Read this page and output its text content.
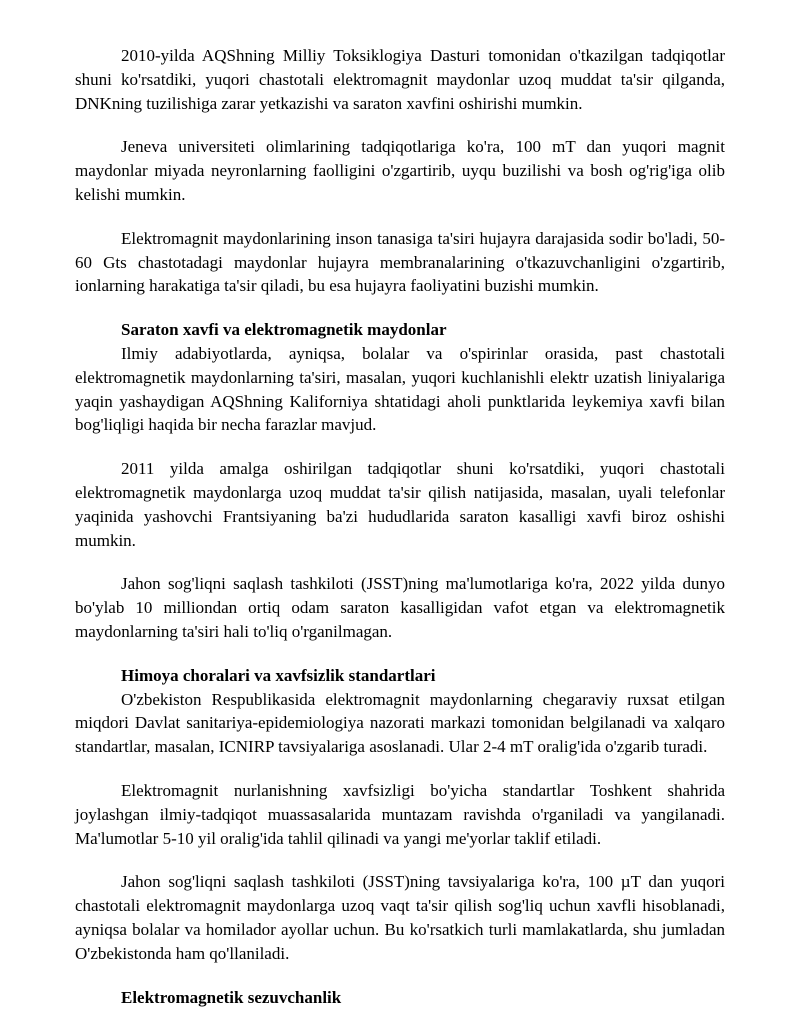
2010-yilda AQShning Milliy Toksiklogiya Dasturi tomonidan o'tkazilgan tadqiqotlar shuni ko'rsatdiki, yuqori chastotali elektromagnit maydonlar uzoq muddat ta'sir qilganda, DNKning tuzilishiga zarar yetkazishi va saraton xavfini oshirishi mumkin.

Jeneva universiteti olimlarining tadqiqotlariga ko'ra, 100 mT dan yuqori magnit maydonlar miyada neyronlarning faolligini o'zgartirib, uyqu buzilishi va bosh og'rig'iga olib kelishi mumkin.

Elektromagnit maydonlarining inson tanasiga ta'siri hujayra darajasida sodir bo'ladi, 50-60 Gts chastotadagi maydonlar hujayra membranalarining o'tkazuvchanligini o'zgartirib, ionlarning harakatiga ta'sir qiladi, bu esa hujayra faoliyatini buzishi mumkin.

Saraton xavfi va elektromagnetik maydonlar

Ilmiy adabiyotlarda, ayniqsa, bolalar va o'spirinlar orasida, past chastotali elektromagnetik maydonlarning ta'siri, masalan, yuqori kuchlanishli elektr uzatish liniyalariga yaqin yashaydigan AQShning Kaliforniya shtatidagi aholi punktlarida leykemiya xavfi bilan bog'liqligi haqida bir necha farazlar mavjud.

2011 yilda amalga oshirilgan tadqiqotlar shuni ko'rsatdiki, yuqori chastotali elektromagnetik maydonlarga uzoq muddat ta'sir qilish natijasida, masalan, uyali telefonlar yaqinida yashovchi Frantsiyaning ba'zi hududlarida saraton kasalligi xavfi biroz oshishi mumkin.

Jahon sog'liqni saqlash tashkiloti (JSST)ning ma'lumotlariga ko'ra, 2022 yilda dunyo bo'ylab 10 milliondan ortiq odam saraton kasalligidan vafot etgan va elektromagnetik maydonlarning ta'siri hali to'liq o'rganilmagan.

Himoya choralari va xavfsizlik standartlari

O'zbekiston Respublikasida elektromagnit maydonlarning chegaraviy ruxsat etilgan miqdori Davlat sanitariya-epidemiologiya nazorati markazi tomonidan belgilanadi va xalqaro standartlar, masalan, ICNIRP tavsiyalariga asoslanadi. Ular 2-4 mT oralig'ida o'zgarib turadi.

Elektromagnit nurlanishning xavfsizligi bo'yicha standartlar Toshkent shahrida joylashgan ilmiy-tadqiqot muassasalarida muntazam ravishda o'rganiladi va yangilanadi. Ma'lumotlar 5-10 yil oralig'ida tahlil qilinadi va yangi me'yorlar taklif etiladi.

Jahon sog'liqni saqlash tashkiloti (JSST)ning tavsiyalariga ko'ra, 100 µT dan yuqori chastotali elektromagnit maydonlarga uzoq vaqt ta'sir qilish sog'liq uchun xavfli hisoblanadi, ayniqsa bolalar va homilador ayollar uchun. Bu ko'rsatkich turli mamlakatlarda, shu jumladan O'zbekistonda ham qo'llaniladi.

Elektromagnetik sezuvchanlik
